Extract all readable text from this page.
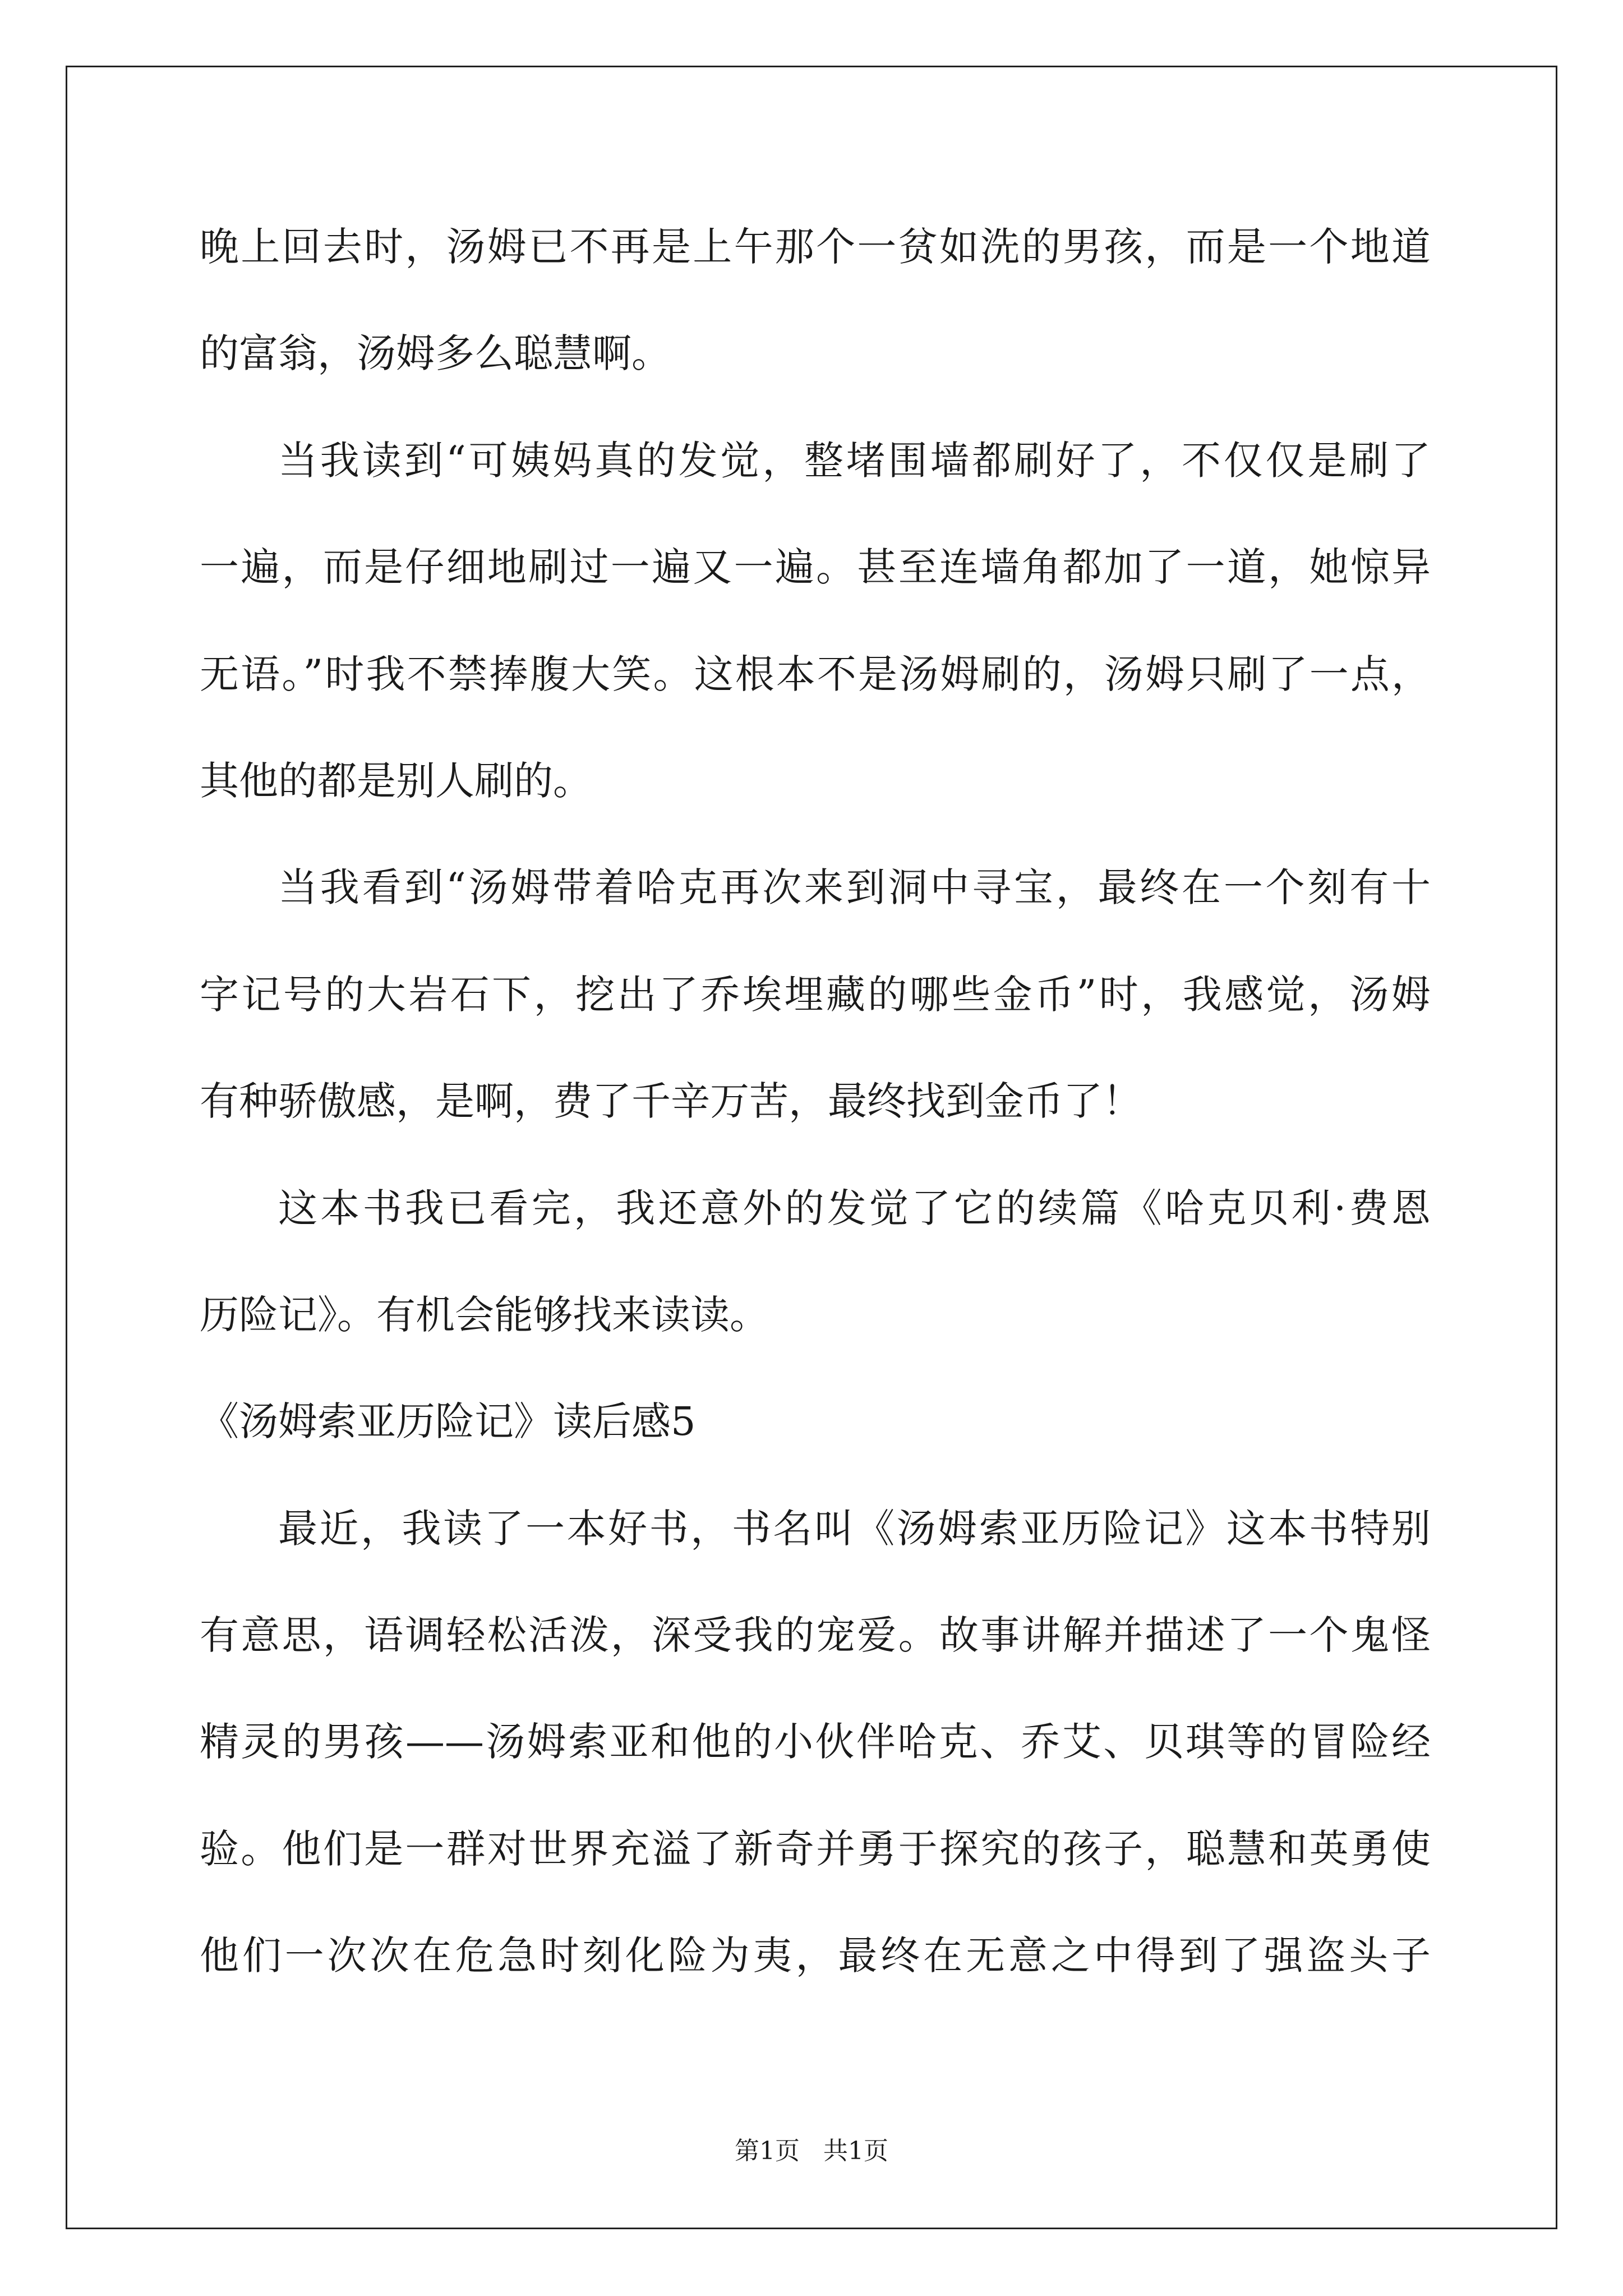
晚上回去时，汤姆已不再是上午那个一贫如洗的男孩，而是一个地道
的富翁，汤姆多么聪慧啊。
当我读到“可姨妈真的发觉，整堵围墙都刷好了，不仅仅是刷了
一遍，而是仔细地刷过一遍又一遍。甚至连墙角都加了一道，她惊异
无语。”时我不禁捧腹大笑。这根本不是汤姆刷的，汤姆只刷了一点，
其他的都是别人刷的。
当我看到“汤姆带着哈克再次来到洞中寻宝，最终在一个刻有十
字记号的大岩石下，挖出了乔埃埋藏的哪些金币”时，我感觉，汤姆
有种骄傲感，是啊，费了千辛万苦，最终找到金币了！
这本书我已看完，我还意外的发觉了它的续篇《哈克贝利·费恩
历险记》。有机会能够找来读读。
《汤姆索亚历险记》读后感5
最近，我读了一本好书，书名叫《汤姆索亚历险记》这本书特别
有意思，语调轻松活泼，深受我的宠爱。故事讲解并描述了一个鬼怪
精灵的男孩——汤姆索亚和他的小伙伴哈克、乔艾、贝琪等的冒险经
验。他们是一群对世界充溢了新奇并勇于探究的孩子，聪慧和英勇使
他们一次次在危急时刻化险为夷，最终在无意之中得到了强盗头子
第1页   共1页
